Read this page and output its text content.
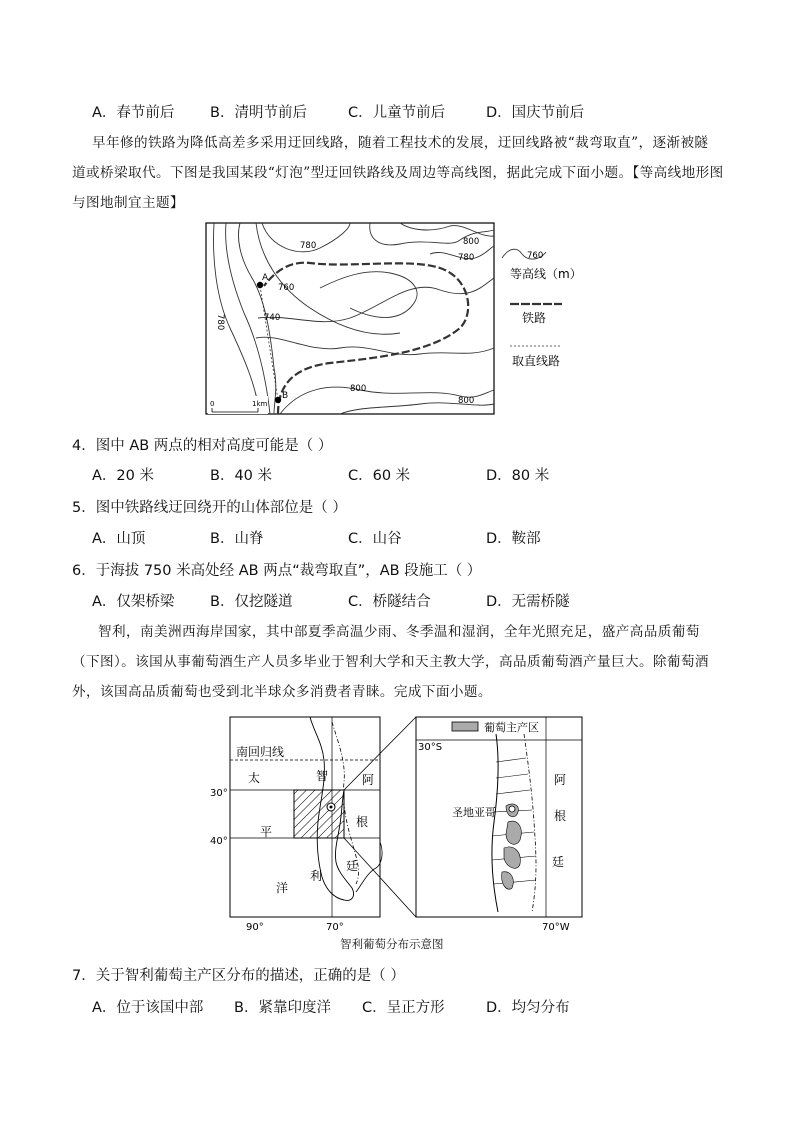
A．春节前后 B．清明节前后	C．儿童节前后	D．国庆节前后
早年修的铁路为降低高差多采用迂回线路，随着工程技术的发展，迂回线路被“裁弯取直”，逐渐被隧
道或桥梁取代。下图是我国某段“灯泡”型迂回铁路线及周边等高线图，据此完成下面小题。【等高线地形图
与图地制宜主题】
A
B
800
780
780
760
740
780
800
800
0	1km
760
等高线（m）
铁路
取直线路
4．图中 AB 两点的相对高度可能是（ ）
A．20 米	B．40 米	C．60 米	D．80 米
5．图中铁路线迂回绕开的山体部位是（ ）
A．山顶	B．山脊	C．山谷	D．鞍部
6．于海拔 750 米高处经 AB 两点“裁弯取直”，AB 段施工（ ）
A．仅架桥梁 B．仅挖隧道	C．桥隧结合	D．无需桥隧
智利，南美洲西海岸国家，其中部夏季高温少雨、冬季温和湿润，全年光照充足，盛产高品质葡萄
（下图）。该国从事葡萄酒生产人员多毕业于智利大学和天主教大学，高品质葡萄酒产量巨大。除葡萄酒
外，该国高品质葡萄也受到北半球众多消费者青睐。完成下面小题。
南回归线
太
平
洋
智
利
阿
根
廷
30°
40°
90°	70°
葡萄主产区
30°S
圣地亚哥
阿
根
廷
70°W
智利葡萄分布示意图
7．关于智利葡萄主产区分布的描述，正确的是（ ）
A．位于该国中部 B．紧靠印度洋 C．呈正方形	D．均匀分布
